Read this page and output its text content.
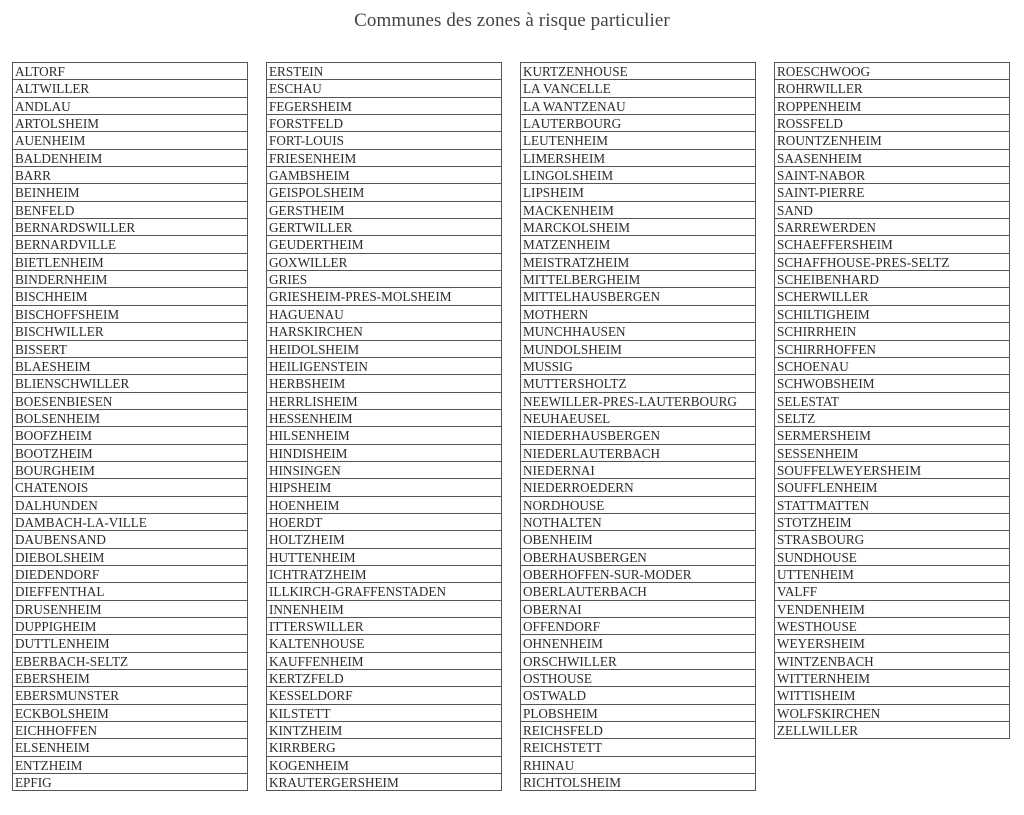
Communes des zones à risque particulier
ALTORF
ALTWILLER
ANDLAU
ARTOLSHEIM
AUENHEIM
BALDENHEIM
BARR
BEINHEIM
BENFELD
BERNARDSWILLER
BERNARDVILLE
BIETLENHEIM
BINDERNHEIM
BISCHHEIM
BISCHOFFSHEIM
BISCHWILLER
BISSERT
BLAESHEIM
BLIENSCHWILLER
BOESENBIESEN
BOLSENHEIM
BOOFZHEIM
BOOTZHEIM
BOURGHEIM
CHATENOIS
DALHUNDEN
DAMBACH-LA-VILLE
DAUBENSAND
DIEBOLSHEIM
DIEDENDORF
DIEFFENTHAL
DRUSENHEIM
DUPPIGHEIM
DUTTLENHEIM
EBERBACH-SELTZ
EBERSHEIM
EBERSMUNSTER
ECKBOLSHEIM
EICHHOFFEN
ELSENHEIM
ENTZHEIM
EPFIG
ERSTEIN
ESCHAU
FEGERSHEIM
FORSTFELD
FORT-LOUIS
FRIESENHEIM
GAMBSHEIM
GEISPOLSHEIM
GERSTHEIM
GERTWILLER
GEUDERTHEIM
GOXWILLER
GRIES
GRIESHEIM-PRES-MOLSHEIM
HAGUENAU
HARSKIRCHEN
HEIDOLSHEIM
HEILIGENSTEIN
HERBSHEIM
HERRLISHEIM
HESSENHEIM
HILSENHEIM
HINDISHEIM
HINSINGEN
HIPSHEIM
HOENHEIM
HOERDT
HOLTZHEIM
HUTTENHEIM
ICHTRATZHEIM
ILLKIRCH-GRAFFENSTADEN
INNENHEIM
ITTERSWILLER
KALTENHOUSE
KAUFFENHEIM
KERTZFELD
KESSELDORF
KILSTETT
KINTZHEIM
KIRRBERG
KOGENHEIM
KRAUTERGERSHEIM
KURTZENHOUSE
LA VANCELLE
LA WANTZENAU
LAUTERBOURG
LEUTENHEIM
LIMERSHEIM
LINGOLSHEIM
LIPSHEIM
MACKENHEIM
MARCKOLSHEIM
MATZENHEIM
MEISTRATZHEIM
MITTELBERGHEIM
MITTELHAUSBERGEN
MOTHERN
MUNCHHAUSEN
MUNDOLSHEIM
MUSSIG
MUTTERSHOLTZ
NEEWILLER-PRES-LAUTERBOURG
NEUHAEUSEL
NIEDERHAUSBERGEN
NIEDERLAUTERBACH
NIEDERNAI
NIEDERROEDERN
NORDHOUSE
NOTHALTEN
OBENHEIM
OBERHAUSBERGEN
OBERHOFFEN-SUR-MODER
OBERLAUTERBACH
OBERNAI
OFFENDORF
OHNENHEIM
ORSCHWILLER
OSTHOUSE
OSTWALD
PLOBSHEIM
REICHSFELD
REICHSTETT
RHINAU
RICHTOLSHEIM
ROESCHWOOG
ROHRWILLER
ROPPENHEIM
ROSSFELD
ROUNTZENHEIM
SAASENHEIM
SAINT-NABOR
SAINT-PIERRE
SAND
SARREWERDEN
SCHAEFFERSHEIM
SCHAFFHOUSE-PRES-SELTZ
SCHEIBENHARD
SCHERWILLER
SCHILTIGHEIM
SCHIRRHEIN
SCHIRRHOFFEN
SCHOENAU
SCHWOBSHEIM
SELESTAT
SELTZ
SERMERSHEIM
SESSENHEIM
SOUFFELWEYERSHEIM
SOUFFLENHEIM
STATTMATTEN
STOTZHEIM
STRASBOURG
SUNDHOUSE
UTTENHEIM
VALFF
VENDENHEIM
WESTHOUSE
WEYERSHEIM
WINTZENBACH
WITTERNHEIM
WITTISHEIM
WOLFSKIRCHEN
ZELLWILLER
